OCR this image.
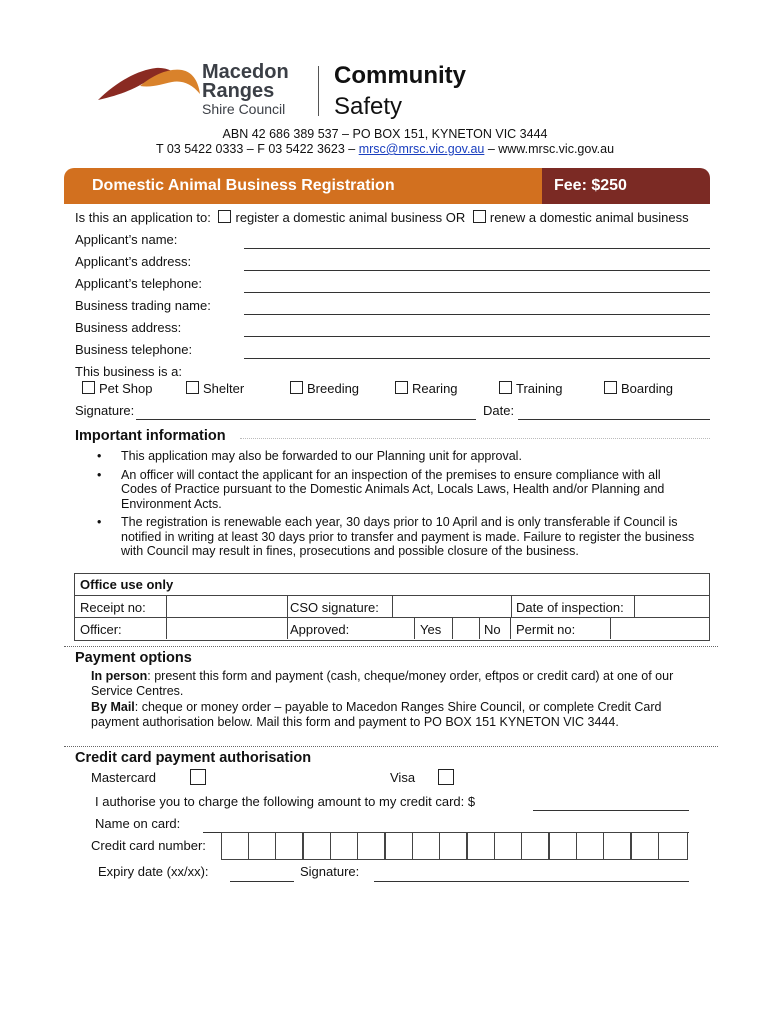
Macedon
Ranges
Shire Council
Community
Safety
ABN 42 686 389 537 – PO BOX 151, KYNETON VIC 3444
T 03 5422 0333 – F 03 5422 3623 – mrsc@mrsc.vic.gov.au – www.mrsc.vic.gov.au
Domestic Animal Business Registration	Fee: $250
Is this an application to: register a domestic animal business OR renew a domestic animal business
Applicant’s name:
Applicant’s address:
Applicant’s telephone:
Business trading name:
Business address:
Business telephone:
This business is a:
Pet Shop	Shelter	Breeding	Rearing	Training	Boarding
Signature:	Date:
Important information
• This application may also be forwarded to our Planning unit for approval.
• An officer will contact the applicant for an inspection of the premises to ensure compliance with all Codes of Practice pursuant to the Domestic Animals Act, Locals Laws, Health and/or Planning and Environment Acts.
• The registration is renewable each year, 30 days prior to 10 April and is only transferable if Council is notified in writing at least 30 days prior to transfer and payment is made. Failure to register the business with Council may result in fines, prosecutions and possible closure of the business.
Office use only
Receipt no:	CSO signature:	Date of inspection:
Officer:	Approved:	Yes	No Permit no:
Payment options
In person: present this form and payment (cash, cheque/money order, eftpos or credit card) at one of our Service Centres.
By Mail: cheque or money order – payable to Macedon Ranges Shire Council, or complete Credit Card payment authorisation below. Mail this form and payment to PO BOX 151 KYNETON VIC 3444.
Credit card payment authorisation
Mastercard	Visa
I authorise you to charge the following amount to my credit card: $
Name on card:
Credit card number:
Expiry date (xx/xx):	Signature:
